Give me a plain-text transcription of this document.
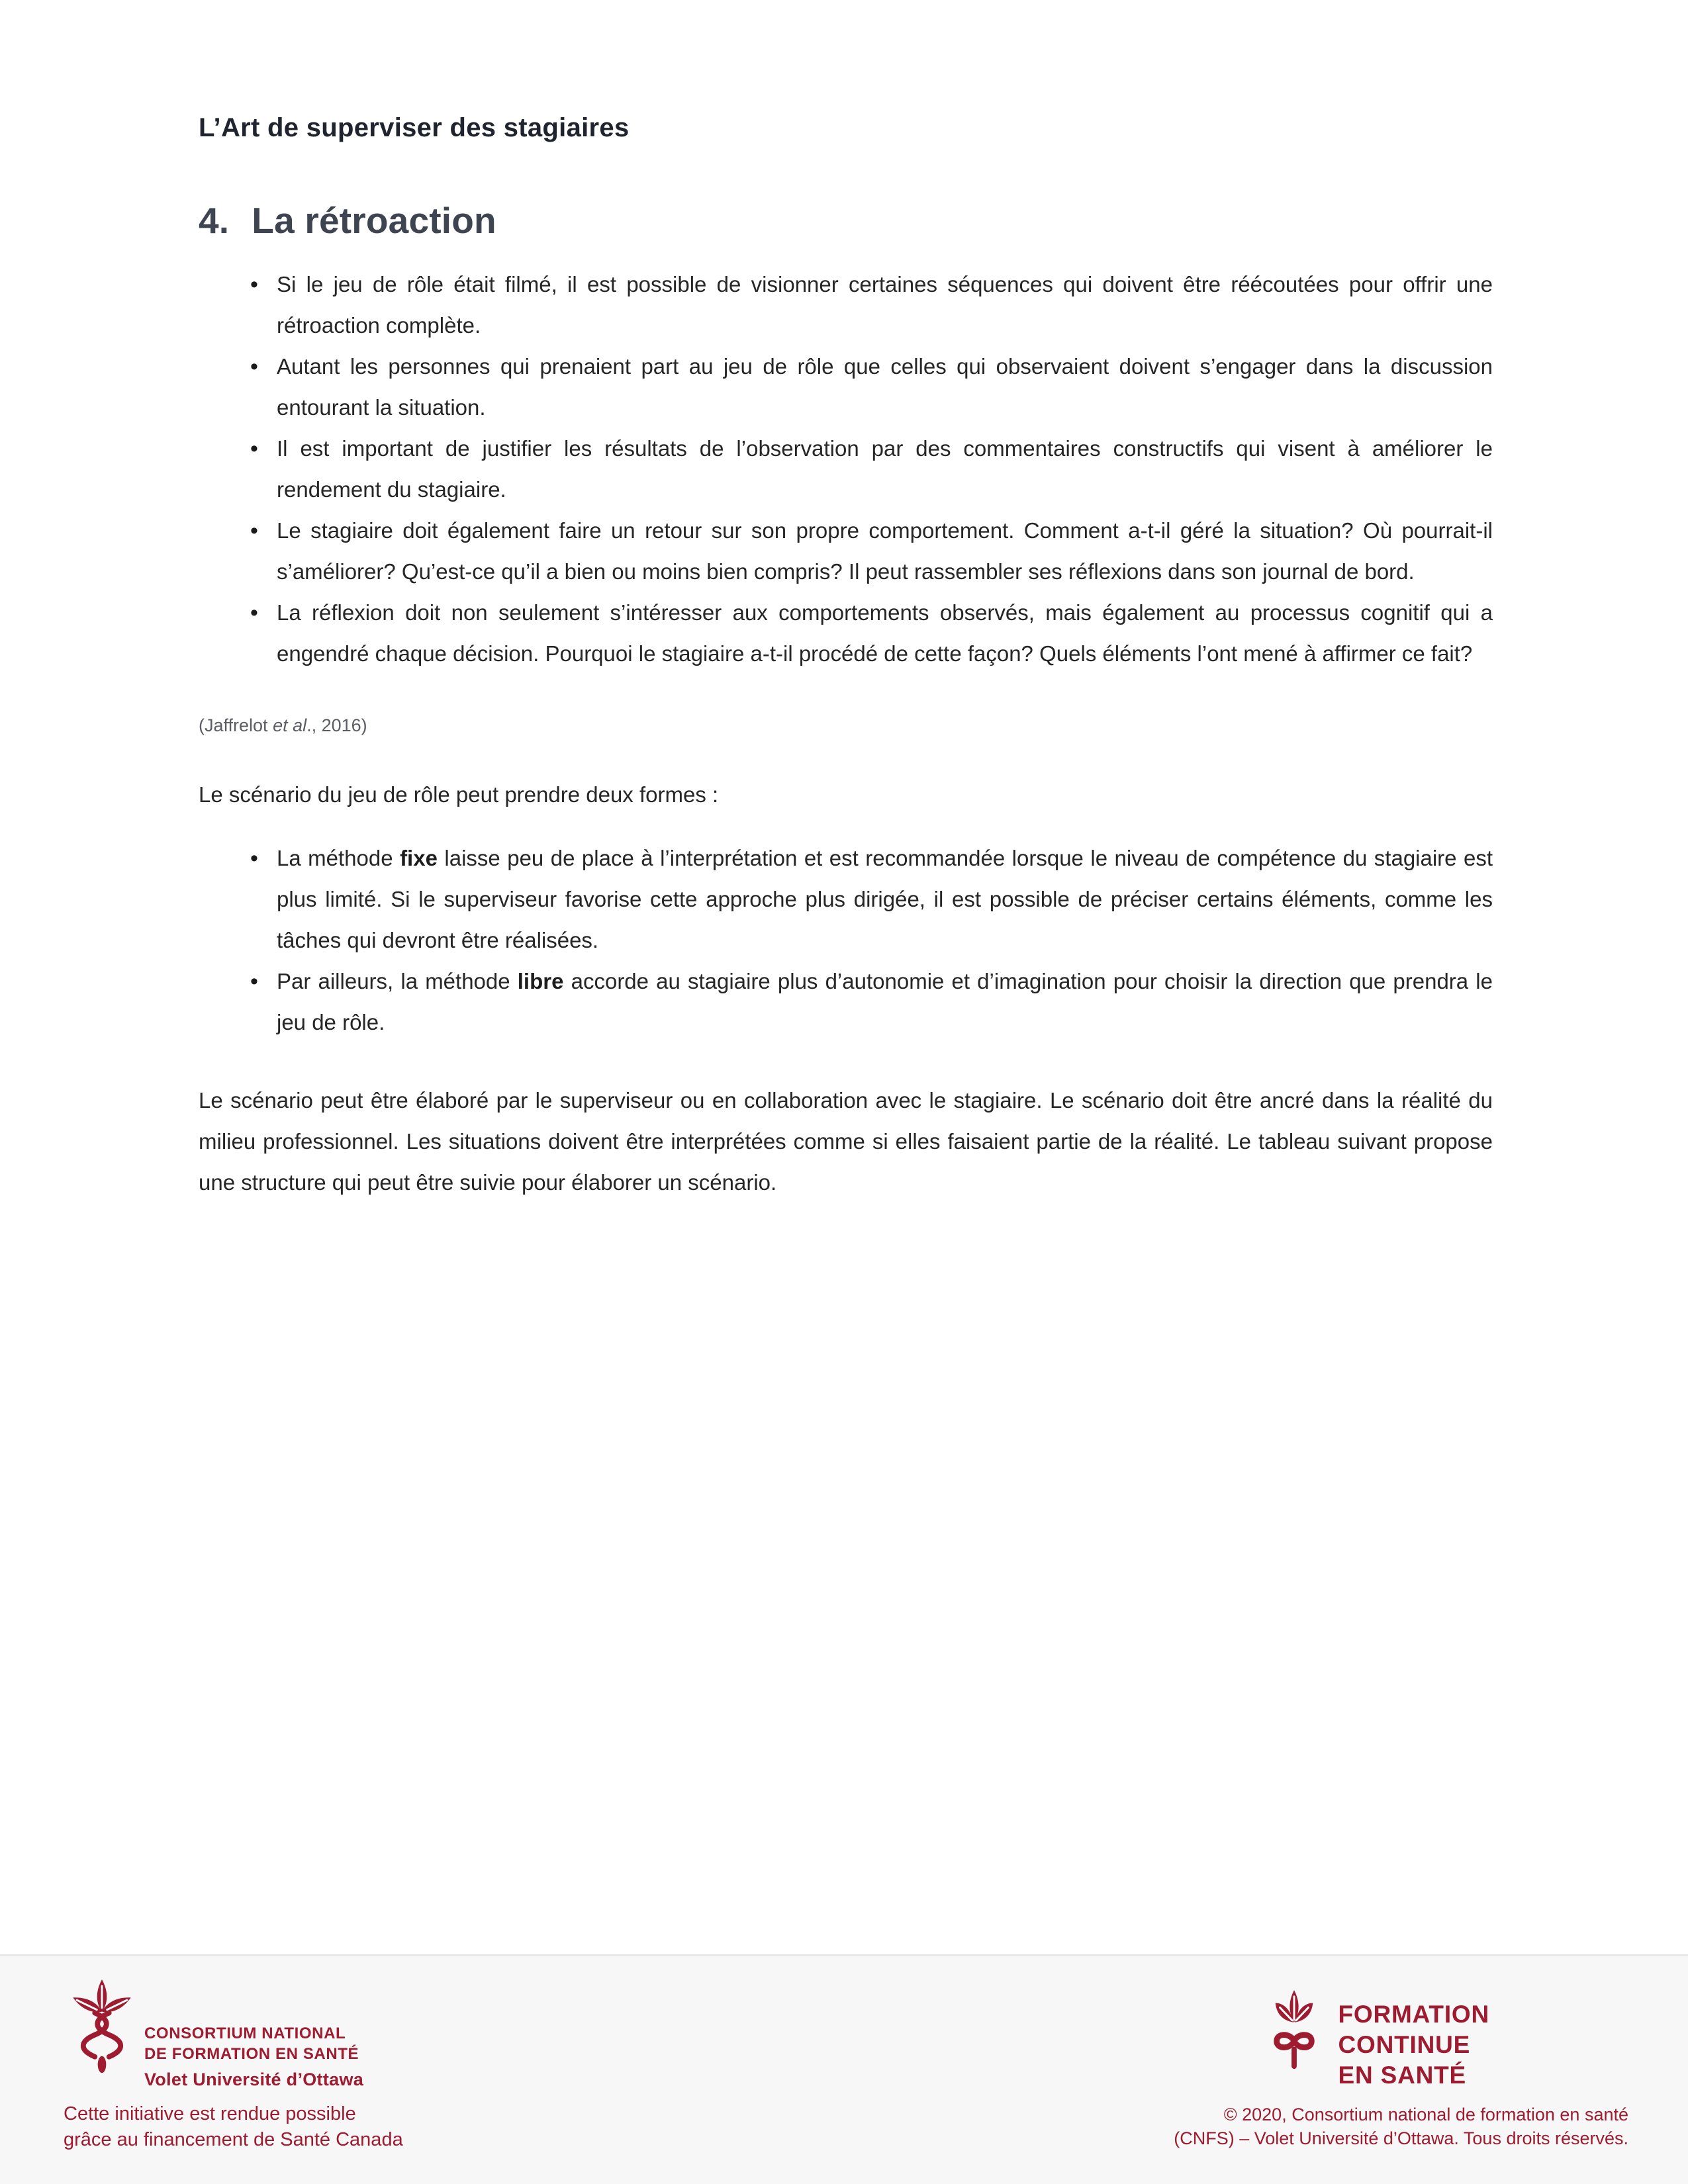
L’Art de superviser des stagiaires
4. La rétroaction
• Si le jeu de rôle était filmé, il est possible de visionner certaines séquences qui doivent être réécoutées pour offrir une rétroaction complète.
• Autant les personnes qui prenaient part au jeu de rôle que celles qui observaient doivent s’engager dans la discussion entourant la situation.
• Il est important de justifier les résultats de l’observation par des commentaires constructifs qui visent à améliorer le rendement du stagiaire.
• Le stagiaire doit également faire un retour sur son propre comportement. Comment a-t-il géré la situation? Où pourrait-il s’améliorer? Qu’est-ce qu’il a bien ou moins bien compris? Il peut rassembler ses réflexions dans son journal de bord.
• La réflexion doit non seulement s’intéresser aux comportements observés, mais également au processus cognitif qui a engendré chaque décision. Pourquoi le stagiaire a-t-il procédé de cette façon? Quels éléments l’ont mené à affirmer ce fait?

(Jaffrelot et al., 2016)

Le scénario du jeu de rôle peut prendre deux formes :

• La méthode fixe laisse peu de place à l’interprétation et est recommandée lorsque le niveau de compétence du stagiaire est plus limité. Si le superviseur favorise cette approche plus dirigée, il est possible de préciser certains éléments, comme les tâches qui devront être réalisées.
• Par ailleurs, la méthode libre accorde au stagiaire plus d’autonomie et d’imagination pour choisir la direction que prendra le jeu de rôle.

Le scénario peut être élaboré par le superviseur ou en collaboration avec le stagiaire. Le scénario doit être ancré dans la réalité du milieu professionnel. Les situations doivent être interprétées comme si elles faisaient partie de la réalité. Le tableau suivant propose une structure qui peut être suivie pour élaborer un scénario.

CONSORTIUM NATIONAL
DE FORMATION EN SANTÉ
Volet Université d’Ottawa
Cette initiative est rendue possible
grâce au financement de Santé Canada
FORMATION
CONTINUE
EN SANTÉ
© 2020, Consortium national de formation en santé
(CNFS) – Volet Université d’Ottawa. Tous droits réservés.
